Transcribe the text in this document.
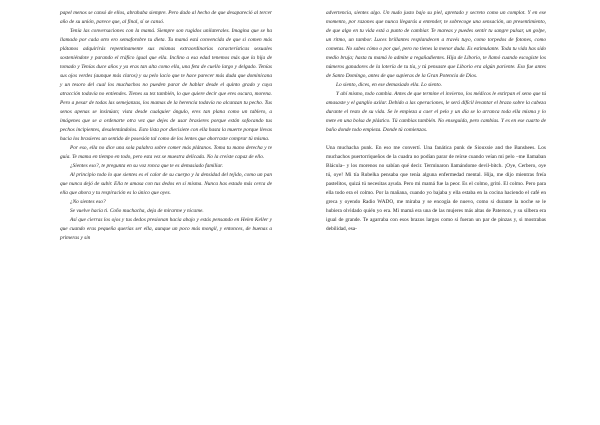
papel menos se cansó de ellos, abrahaba siempre. Pero dado al hecho de que desapareció al tercer año de su unión, parece que, al final, sí se cansó.

Tenía las conversaciones con la mamá. Siempre son rugidos unilaterales. Imagina que se ha llamado por cada otro ero semaforobre tu dieta. Tu mamá está convencida de que si comen más plátanos adquirirás repentinamente sus mismas extraordinarias características sexuales sosteniéndote y parando el tráfico igual que ella. Inclino a esa edad tenemos más que la hija de tomado y Tenías duce años y ya eras tan alta como ella, una feta de cuello largo y delgado. Tenías sus ojos verdes (aunque más claros) y su pelo lacio que te hace parecer más duda que dominicana y un tesoro del cual los muchachos no pueden parar de hablar desde el quinto grado y cuya atracción todavía no entiendes. Tienes su tez también, lo que quiere decir que eres oscura, morena. Pero a pesar de todas las semejanzas, los mamas de la herencia todavía no alcanzan tu pecho. Tus senos apenas se insinúan; vista desde cualquier ángulo, eres tan plana como un tablero, a imágenes que se a ordenarte otra vez que dejes de usar brasieres porque están sofocando tus pechos incipientes, desalentándolos. Esto lista por diecisiete con ella hasta la muerte porque llevas hacia los brasieres un sentido de posesión tal como de los lentes que ahorraste comprar tú misma.

Por eso, ella no dice una sola palabra sobre comer más plátanos. Toma tu mano derecha y te guía. Te mama en tiempo en todo, pero esta vez se muestra delicada. No la creíste capaz de ello.

¿Sientes eso?, te pregunta en su voz ronca que te es demasiado familiar.

Al principio todo lo que sientes es el calor de su cuerpo y la densidad del tejido, como un pan que nunca dejó de subir. Ella te amasa con tus dedos en sí misma. Nunca has estado más cerca de ella que ahora y tu respiración es lo único que oyes.

¿No sientes eso?

Se vuelve hacia ti. Coño muchacha, deja de mirarme y tócame.

Así que cierras los ojos y tus dedos presionan hacia abajo y estás pensando en Helen Keller y que cuando eras pequeña querías ser ella, aunque un poco más mongil, y entonces, de buenas a primeras y sin

advertencia, sientes algo. Un nudo justo bajo su piel, apretado y secreto como un complot. Y en ese momento, por razones que nunca llegarás a entender, te sobrecoge una sensación, un presentimiento, de que algo en tu vida está a punto de cambiar. Te mareas y puedes sentir tu sangre pulsar, un golpe, un ritmo, un tambor. Luces brillantes resplandecen a través tuyo, como torpedos de fotones, como cometas. No sabes cómo o por qué, pero no tienes la menor duda. Es estimulante. Toda tu vida has sido medio bruja; hasta tu mamá lo admite a regañadientes. Hija de Liborio, te llamó cuando escogiste los números ganadores de la lotería de tu tía, y tú pensaste que Liborio era algún pariente. Eso fue antes de Santo Domingo, antes de que supieras de la Gran Potencia de Dios.

Lo siento, dices, en ese demasiado ella. Lo siento.

Y ahí mismo, todo cambia. Antes de que termine el invierno, los médicos le extirpan el seno que tú amasaste y el ganglio axilar. Debido a las operaciones, le será difícil levantar el brazo sobre la cabeza durante el resto de su vida. Se le empieza a caer el pelo y un día se lo arranca toda ella misma y lo mete en una bolsa de plástico. Tú cambias también. No enseguida, pero cambias. Y es en ese cuarto de baño donde todo empieza. Donde tú comienzas.

Una muchacha punk. En eso me convertí. Una fanática punk de Siouxsie and the Banshees. Los muchachos puertorriqueños de la cuadra no podían parar de reírse cuando veían mi pelo –me llamaban Blácula– y los morenos no sabían qué decir. Terminaron llamándome devil-bitch. ¡Oye, Cerbero, oye tú, oye! Mi tía Rubelka pensaba que tenía alguna enfermedad mental. Hija, me dijo mientras freía pastelitos, quizá tú necesitas ayuda. Pero mi mamá fue la peor. Es el colmo, gritó. El colmo. Pero para ella todo era el colmo. Por la mañana, cuando yo bajaba y ella estaba en la cocina haciendo el café en greca y oyendo Radio WADO, me miraba y se encogía de nuevo, como si durante la noche se le hubiera olvidado quién yo era. Mi mamá era una de las mujeres más altas de Paterson, y su silbera era igual de grande. Te agarraba con esos brazos largos como si fueran un par de pinzas y, si mostrabas debilidad, esa-
